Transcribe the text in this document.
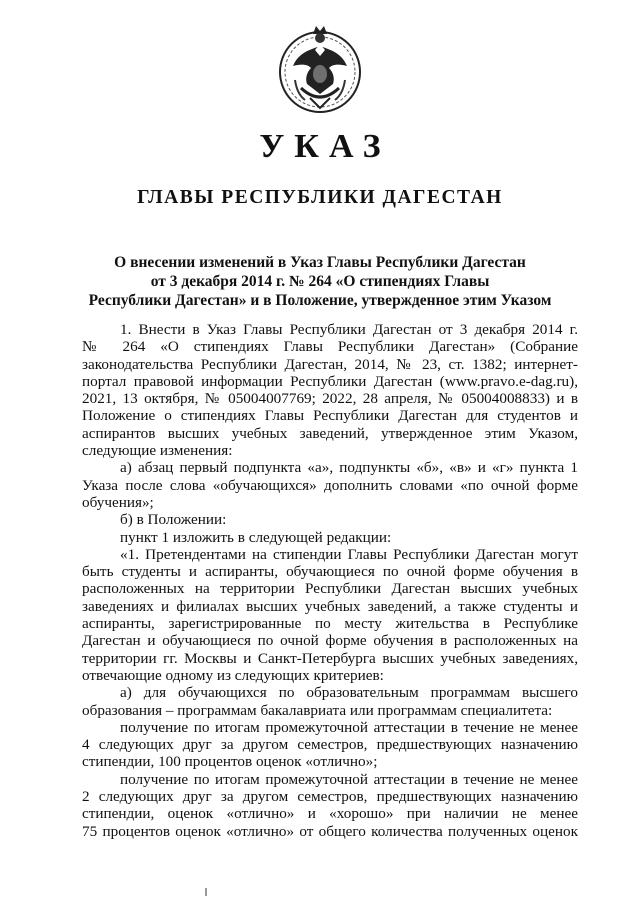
УКАЗ
ГЛАВЫ РЕСПУБЛИКИ ДАГЕСТАН
О внесении изменений в Указ Главы Республики Дагестан
от 3 декабря 2014 г. № 264 «О стипендиях Главы
Республики Дагестан» и в Положение, утвержденное этим Указом
1. Внести в Указ Главы Республики Дагестан от 3 декабря 2014 г.
№ 264 «О стипендиях Главы Республики Дагестан» (Собрание
законодательства Республики Дагестан, 2014, № 23, ст. 1382; интернет-
портал правовой информации Республики Дагестан (www.pravo.e-dag.ru),
2021, 13 октября, № 05004007769; 2022, 28 апреля, № 05004008833) и в
Положение о стипендиях Главы Республики Дагестан для студентов и
аспирантов высших учебных заведений, утвержденное этим Указом,
следующие изменения:
а) абзац первый подпункта «а», подпункты «б», «в» и «г» пункта 1
Указа после слова «обучающихся» дополнить словами «по очной форме
обучения»;
б) в Положении:
пункт 1 изложить в следующей редакции:
«1. Претендентами на стипендии Главы Республики Дагестан могут
быть студенты и аспиранты, обучающиеся по очной форме обучения в
расположенных на территории Республики Дагестан высших учебных
заведениях и филиалах высших учебных заведений, а также студенты и
аспиранты, зарегистрированные по месту жительства в Республике
Дагестан и обучающиеся по очной форме обучения в расположенных на
территории гг. Москвы и Санкт-Петербурга высших учебных заведениях,
отвечающие одному из следующих критериев:
а) для обучающихся по образовательным программам высшего
образования – программам бакалавриата или программам специалитета:
получение по итогам промежуточной аттестации в течение не менее
4 следующих друг за другом семестров, предшествующих назначению
стипендии, 100 процентов оценок «отлично»;
получение по итогам промежуточной аттестации в течение не менее
2 следующих друг за другом семестров, предшествующих назначению
стипендии, оценок «отлично» и «хорошо» при наличии не менее
75 процентов оценок «отлично» от общего количества полученных оценок
